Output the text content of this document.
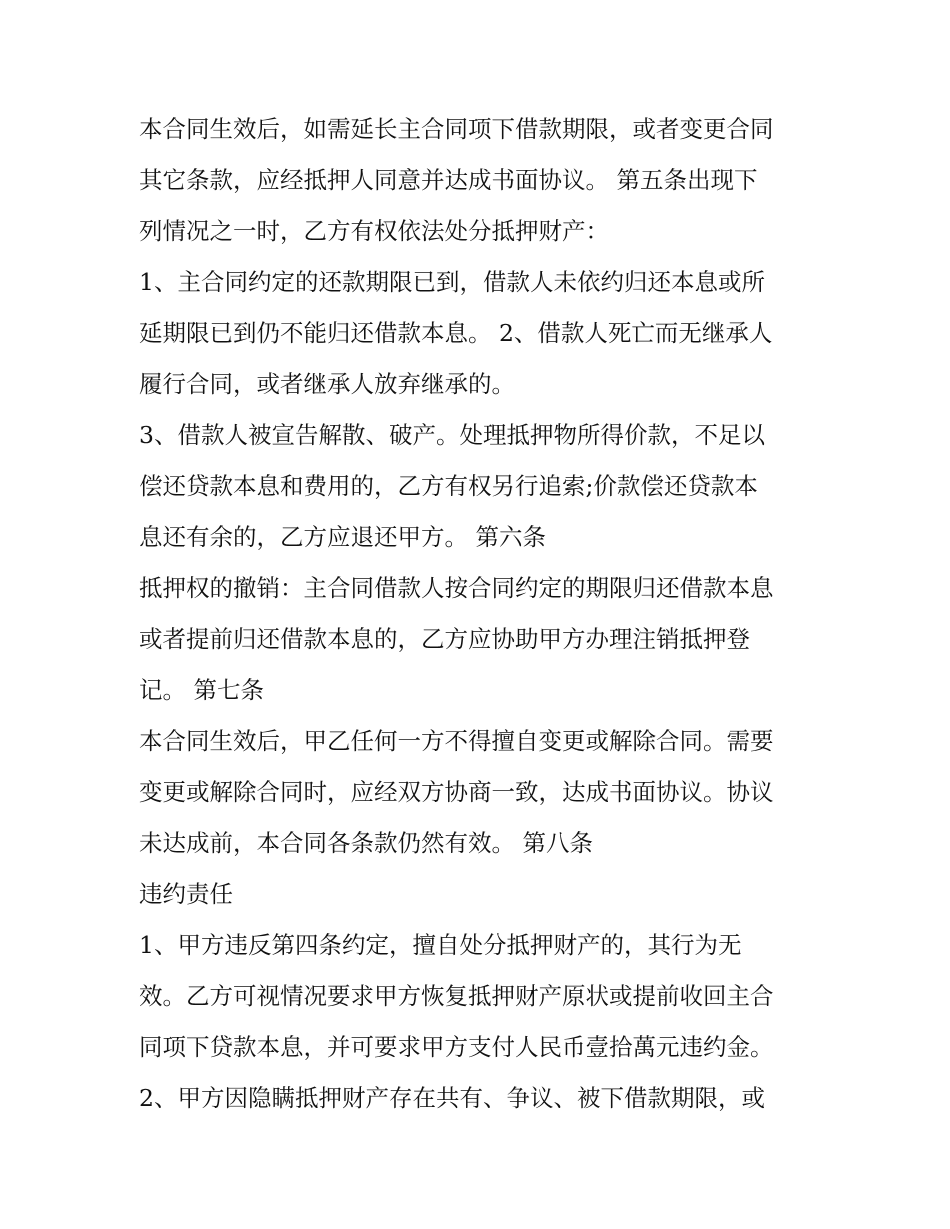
本合同生效后，如需延长主合同项下借款期限，或者变更合同
其它条款，应经抵押人同意并达成书面协议。 第五条出现下
列情况之一时，乙方有权依法处分抵押财产：
1、主合同约定的还款期限已到，借款人未依约归还本息或所
延期限已到仍不能归还借款本息。 2、借款人死亡而无继承人
履行合同，或者继承人放弃继承的。
3、借款人被宣告解散、破产。处理抵押物所得价款，不足以
偿还贷款本息和费用的，乙方有权另行追索;价款偿还贷款本
息还有余的，乙方应退还甲方。 第六条
抵押权的撤销：主合同借款人按合同约定的期限归还借款本息
或者提前归还借款本息的，乙方应协助甲方办理注销抵押登
记。 第七条
本合同生效后，甲乙任何一方不得擅自变更或解除合同。需要
变更或解除合同时，应经双方协商一致，达成书面协议。协议
未达成前，本合同各条款仍然有效。 第八条
违约责任
1、甲方违反第四条约定，擅自处分抵押财产的，其行为无
效。乙方可视情况要求甲方恢复抵押财产原状或提前收回主合
同项下贷款本息，并可要求甲方支付人民币壹拾萬元违约金。
2、甲方因隐瞒抵押财产存在共有、争议、被下借款期限，或
